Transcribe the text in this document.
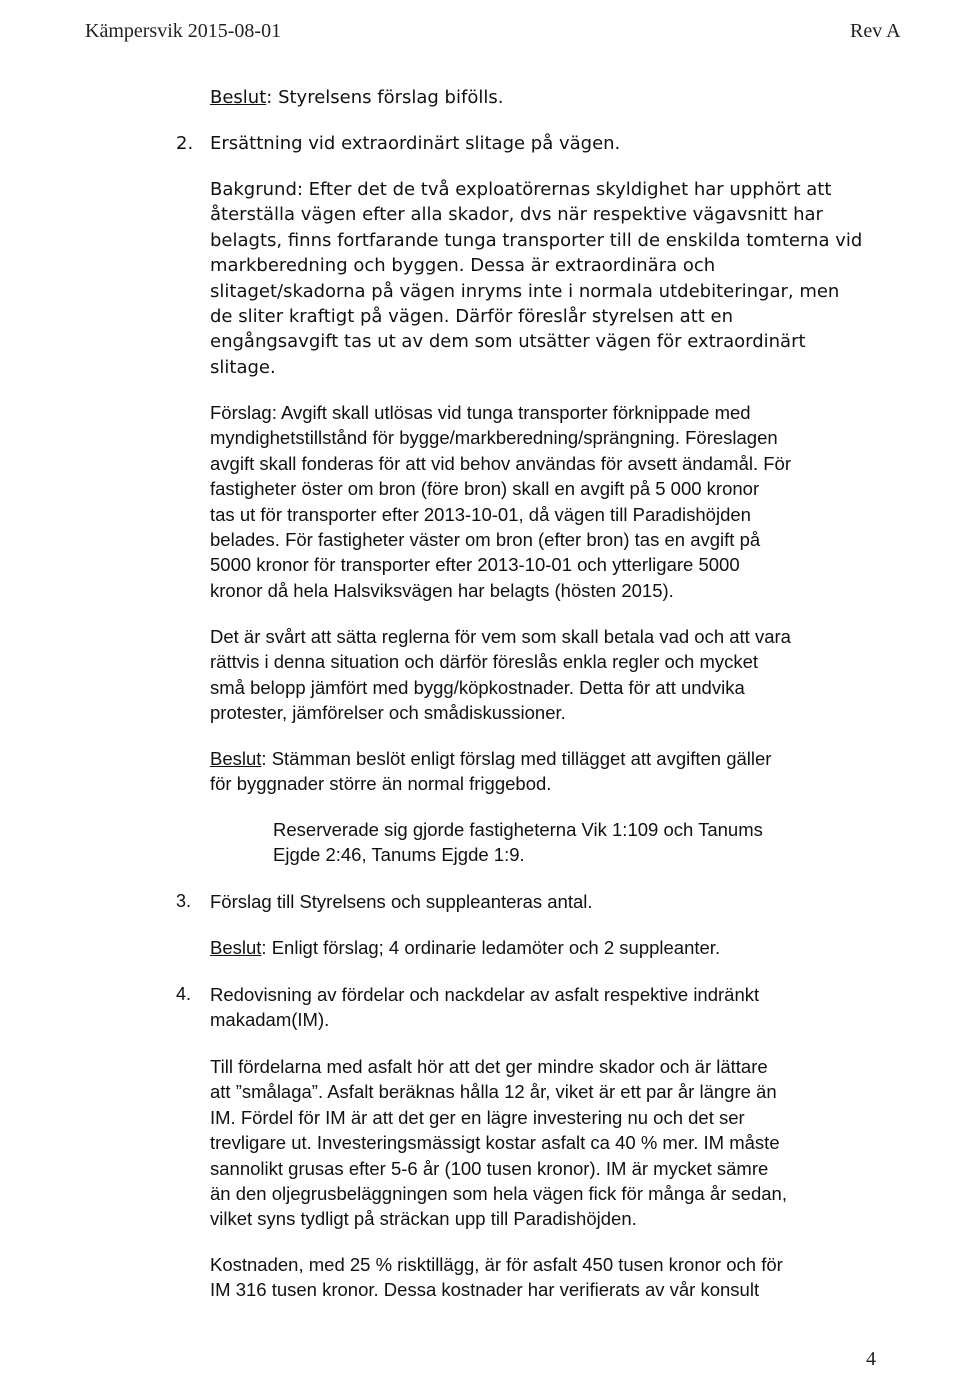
Kämpersvik 2015-08-01	Rev A
Beslut: Styrelsens förslag bifölls.
2. Ersättning vid extraordinärt slitage på vägen.
Bakgrund: Efter det de två exploatörernas skyldighet har upphört att
återställa vägen efter alla skador, dvs när respektive vägavsnitt har
belagts, finns fortfarande tunga transporter till de enskilda tomterna vid
markberedning och byggen. Dessa är extraordinära och
slitaget/skadorna på vägen inryms inte i normala utdebiteringar, men
de sliter kraftigt på vägen. Därför föreslår styrelsen att en
engångsavgift tas ut av dem som utsätter vägen för extraordinärt
slitage.
Förslag: Avgift skall utlösas vid tunga transporter förknippade med
myndighetstillstånd för bygge/markberedning/sprängning. Föreslagen
avgift skall fonderas för att vid behov användas för avsett ändamål. För
fastigheter öster om bron (före bron) skall en avgift på 5 000 kronor
tas ut för transporter efter 2013-10-01, då vägen till Paradishöjden
belades. För fastigheter väster om bron (efter bron) tas en avgift på
5000 kronor för transporter efter 2013-10-01 och ytterligare 5000
kronor då hela Halsviksvägen har belagts (hösten 2015).
Det är svårt att sätta reglerna för vem som skall betala vad och att vara
rättvis i denna situation och därför föreslås enkla regler och mycket
små belopp jämfört med bygg/köpkostnader. Detta för att undvika
protester, jämförelser och smådiskussioner.
Beslut: Stämman beslöt enligt förslag med tillägget att avgiften gäller
för byggnader större än normal friggebod.
Reserverade sig gjorde fastigheterna Vik 1:109 och Tanums
Ejgde 2:46, Tanums Ejgde 1:9.
3. Förslag till Styrelsens och suppleanteras antal.
Beslut: Enligt förslag; 4 ordinarie ledamöter och 2 suppleanter.
4. Redovisning av fördelar och nackdelar av asfalt respektive indränkt
makadam(IM).
Till fördelarna med asfalt hör att det ger mindre skador och är lättare
att ”smålaga”. Asfalt beräknas hålla 12 år, viket är ett par år längre än
IM. Fördel för IM är att det ger en lägre investering nu och det ser
trevligare ut. Investeringsmässigt kostar asfalt ca 40 % mer. IM måste
sannolikt grusas efter 5-6 år (100 tusen kronor). IM är mycket sämre
än den oljegrusbeläggningen som hela vägen fick för många år sedan,
vilket syns tydligt på sträckan upp till Paradishöjden.
Kostnaden, med 25 % risktillägg, är för asfalt 450 tusen kronor och för
IM 316 tusen kronor. Dessa kostnader har verifierats av vår konsult
4
